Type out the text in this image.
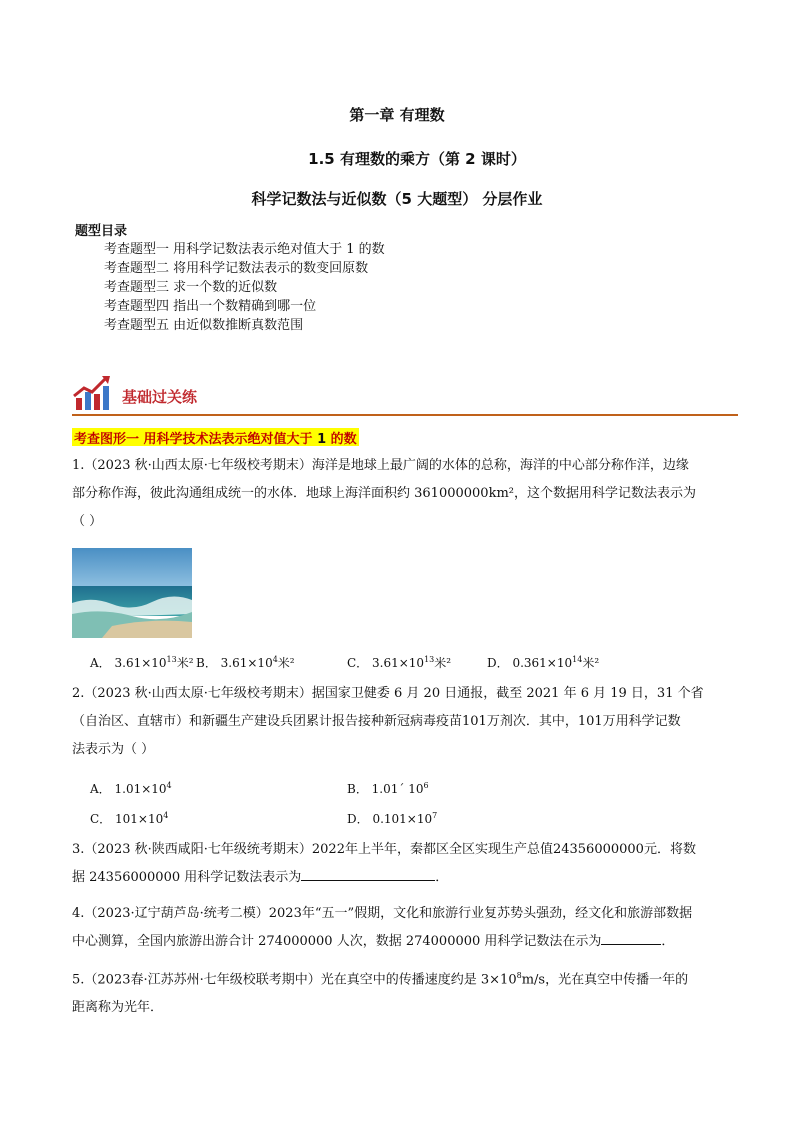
第一章 有理数
1.5 有理数的乘方（第 2 课时）
科学记数法与近似数（5 大题型） 分层作业
题型目录
考查题型一 用科学记数法表示绝对值大于 1 的数
考查题型二 将用科学记数法表示的数变回原数
考查题型三 求一个数的近似数
考查题型四 指出一个数精确到哪一位
考查题型五 由近似数推断真数范围
基础过关练
考查图形一 用科学技术法表示绝对值大于 1 的数
1.（2023 秋·山西太原·七年级校考期末）海洋是地球上最广阔的水体的总称，海洋的中心部分称作洋，边缘
部分称作海，彼此沟通组成统一的水体．地球上海洋面积约 361000000km²，这个数据用科学记数法表示为
（ ）
A． $3.61\times 10^{13}$米² B． $3.61\times 10^4$米²	C． $3.61\times 10^{13}$米²	D． $0.361\times 10^{14}$米²
2.（2023 秋·山西太原·七年级校考期末）据国家卫健委 6 月 20 日通报，截至 2021 年 6 月 19 日，31 个省
（自治区、直辖市）和新疆生产建设兵团累计报告接种新冠病毒疫苗101万剂次．其中，101万用科学记数
法表示为（ ）
A． $1.01\times 10^4$	B． 1.01´ $10^6$
C． $101\times 10^4$	D． $0.101\times 10^7$
3.（2023 秋·陕西咸阳·七年级统考期末）2022年上半年，秦都区全区实现生产总值24356000000元．将数
据 24356000000 用科学记数法表示为	．
4.（2023·辽宁葫芦岛·统考二模）2023年“五一”假期，文化和旅游行业复苏势头强劲，经文化和旅游部数据
中心测算，全国内旅游出游合计 274000000 人次，数据 274000000 用科学记数法在示为	．
5.（2023春·江苏苏州·七年级校联考期中）光在真空中的传播速度约是 $3\times 10^8m/s$，光在真空中传播一年的
距离称为光年．
